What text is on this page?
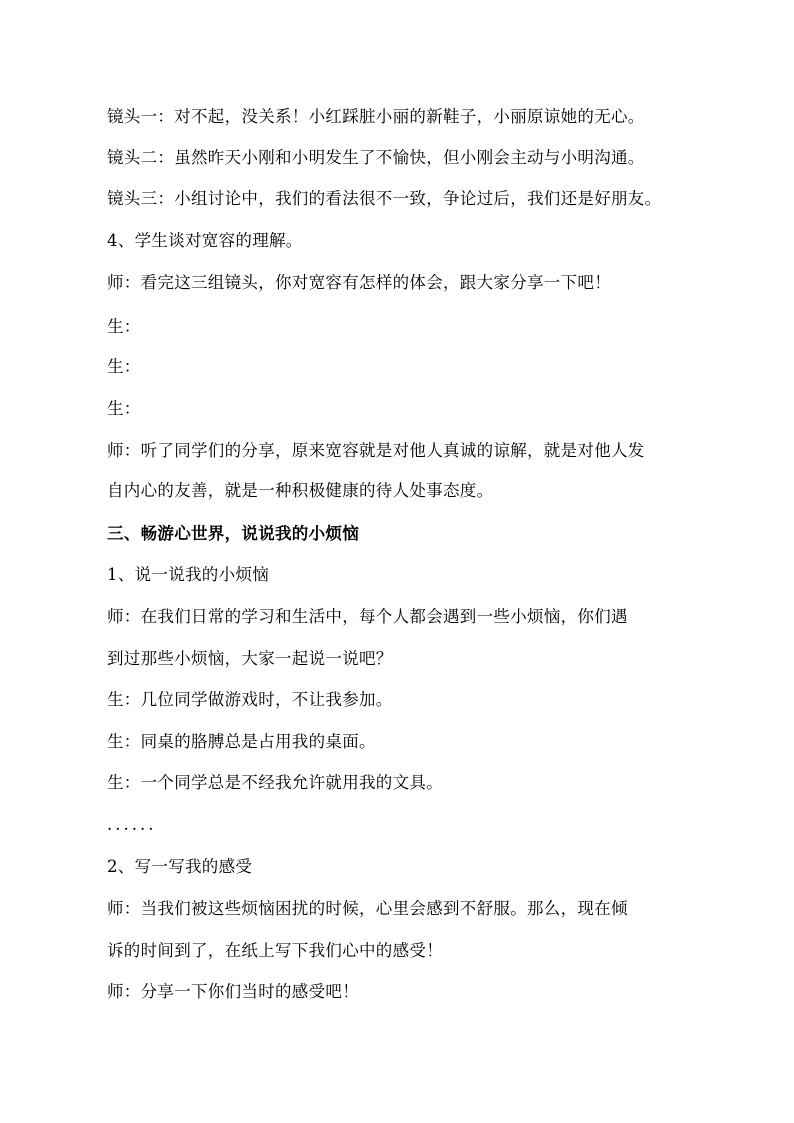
镜头一：对不起，没关系！小红踩脏小丽的新鞋子，小丽原谅她的无心。
镜头二：虽然昨天小刚和小明发生了不愉快，但小刚会主动与小明沟通。
镜头三：小组讨论中，我们的看法很不一致，争论过后，我们还是好朋友。
4、学生谈对宽容的理解。
师：看完这三组镜头，你对宽容有怎样的体会，跟大家分享一下吧！
生：
生：
生：
师：听了同学们的分享，原来宽容就是对他人真诚的谅解，就是对他人发
自内心的友善，就是一种积极健康的待人处事态度。
三、畅游心世界，说说我的小烦恼
1、说一说我的小烦恼
师：在我们日常的学习和生活中，每个人都会遇到一些小烦恼，你们遇
到过那些小烦恼，大家一起说一说吧？
生：几位同学做游戏时，不让我参加。
生：同桌的胳膊总是占用我的桌面。
生：一个同学总是不经我允许就用我的文具。
......
2、写一写我的感受
师：当我们被这些烦恼困扰的时候，心里会感到不舒服。那么，现在倾
诉的时间到了，在纸上写下我们心中的感受！
师：分享一下你们当时的感受吧！
